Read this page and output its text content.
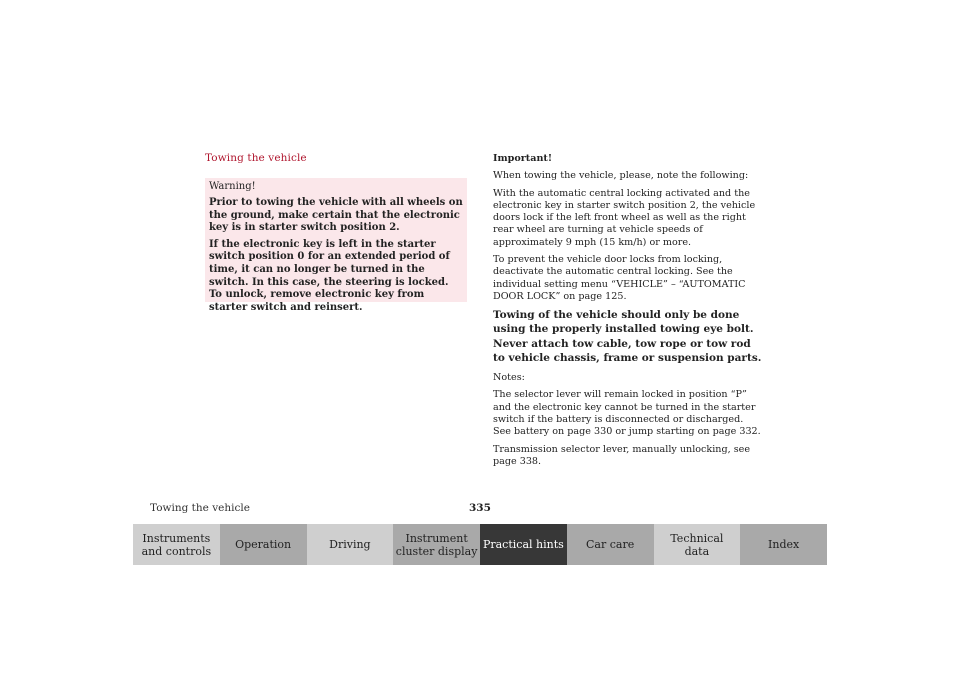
Towing the vehicle
Warning!

Prior to towing the vehicle with all wheels on the ground, make certain that the electronic key is in starter switch position 2.

If the electronic key is left in the starter switch position 0 for an extended period of time, it can no longer be turned in the switch. In this case, the steering is locked. To unlock, remove electronic key from starter switch and reinsert.

Important!

When towing the vehicle, please, note the following:

With the automatic central locking activated and the electronic key in starter switch position 2, the vehicle doors lock if the left front wheel as well as the right rear wheel are turning at vehicle speeds of approximately 9 mph (15 km/h) or more.

To prevent the vehicle door locks from locking, deactivate the automatic central locking. See the individual setting menu “VEHICLE” – “AUTOMATIC DOOR LOCK” on page 125.

Towing of the vehicle should only be done using the properly installed towing eye bolt. Never attach tow cable, tow rope or tow rod to vehicle chassis, frame or suspension parts.

Notes:

The selector lever will remain locked in position “P” and the electronic key cannot be turned in the starter switch if the battery is disconnected or discharged. See battery on page 330 or jump starting on page 332.

Transmission selector lever, manually unlocking, see page 338.

Towing the vehicle	335
Instruments
and controls Operation	Driving	Instrument
cluster display Practical hints Car care	Technical
data	Index
